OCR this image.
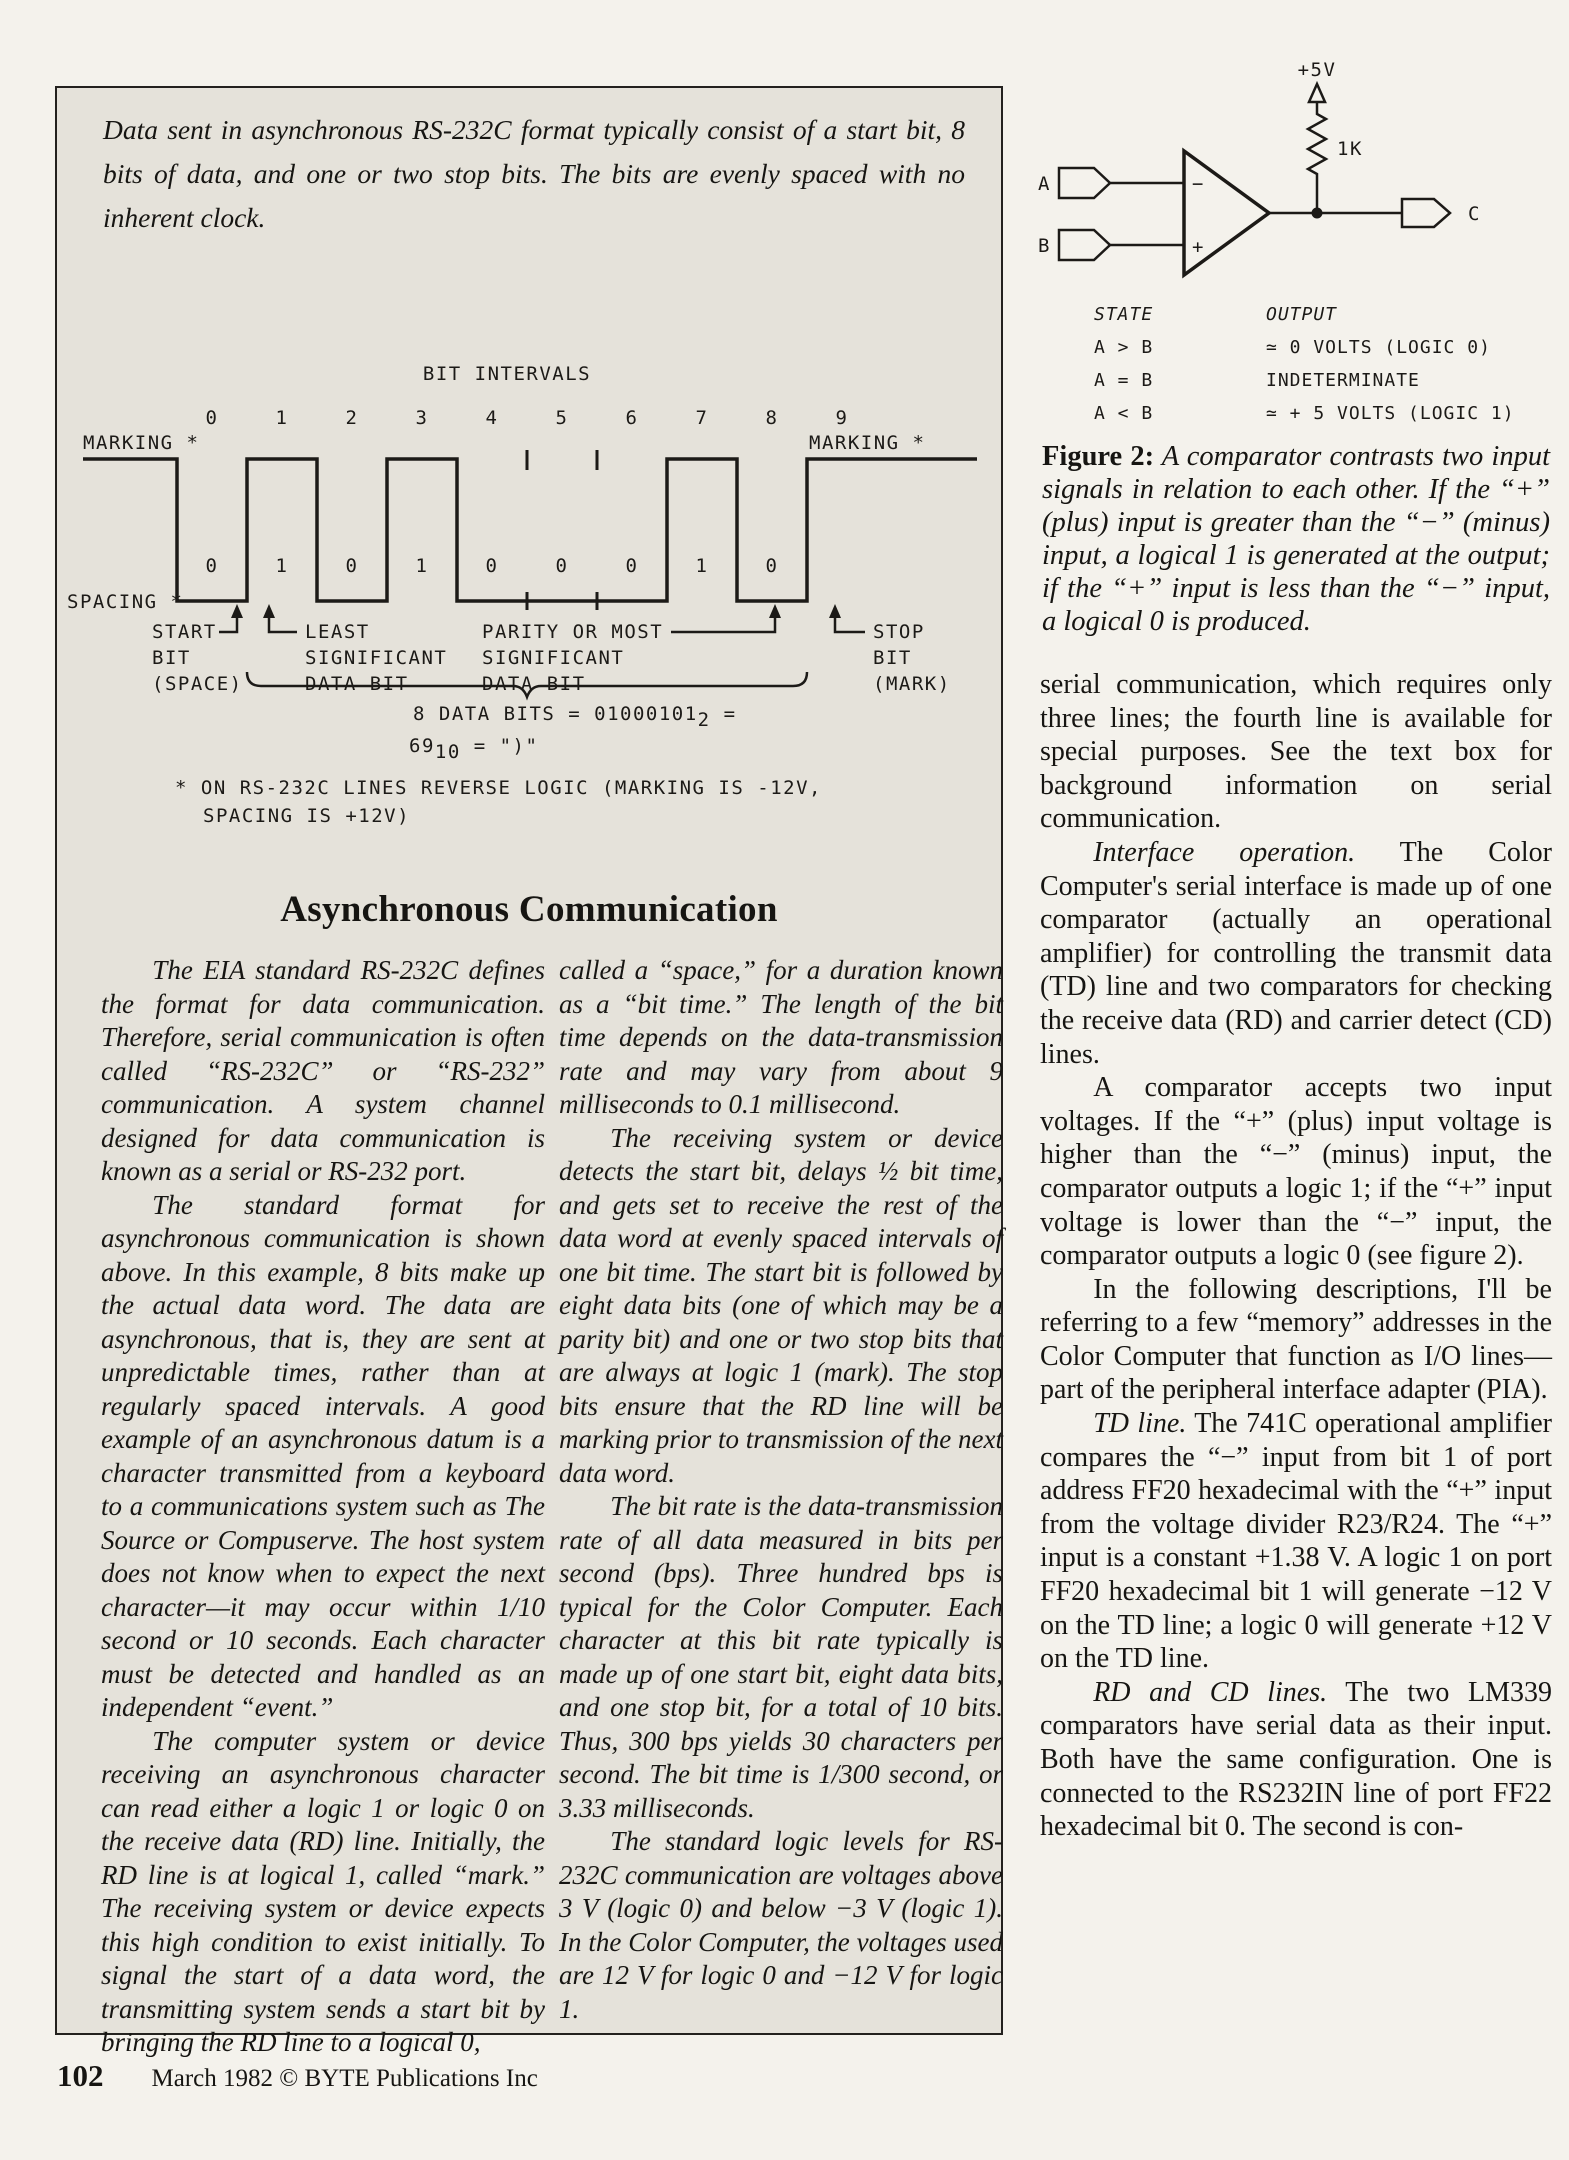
Data sent in asynchronous RS-232C format typically consist of a start bit, 8 bits of data, and one or two stop bits. The bits are evenly spaced with no inherent clock.

BIT INTERVALS
0	1	2	3	4	5	6	7	8	9
MARKING *	MARKING *
SPACING *
0	1	0	1	0	0	0	1	0
START
BIT
(SPACE)
LEAST
SIGNIFICANT
DATA BIT
PARITY OR MOST
SIGNIFICANT
DATA BIT
STOP
BIT
(MARK)
8 DATA BITS = 010001012 =
6910 = ")"
* ON RS-232C LINES REVERSE LOGIC (MARKING IS -12V,
SPACING IS +12V)
Asynchronous Communication

The EIA standard RS-232C defines the format for data communication. Therefore, serial communication is often called “RS-232C” or “RS-232” communication. A system channel designed for data communication is known as a serial or RS-232 port.

The standard format for asynchronous communication is shown above. In this example, 8 bits make up the actual data word. The data are asynchronous, that is, they are sent at unpredictable times, rather than at regularly spaced intervals. A good example of an asynchronous datum is a character transmitted from a keyboard to a communications system such as The Source or Compuserve. The host system does not know when to expect the next character—it may occur within 1/10 second or 10 seconds. Each character must be detected and handled as an independent “event.”

The computer system or device receiving an asynchronous character can read either a logic 1 or logic 0 on the receive data (RD) line. Initially, the RD line is at logical 1, called “mark.” The receiving system or device expects this high condition to exist initially. To signal the start of a data word, the transmitting system sends a start bit by bringing the RD line to a logical 0,

called a “space,” for a duration known as a “bit time.” The length of the bit time depends on the data-transmission rate and may vary from about 9 milliseconds to 0.1 millisecond.

The receiving system or device detects the start bit, delays ½ bit time, and gets set to receive the rest of the data word at evenly spaced intervals of one bit time. The start bit is followed by eight data bits (one of which may be a parity bit) and one or two stop bits that are always at logic 1 (mark). The stop bits ensure that the RD line will be marking prior to transmission of the next data word.

The bit rate is the data-transmission rate of all data measured in bits per second (bps). Three hundred bps is typical for the Color Computer. Each character at this bit rate typically is made up of one start bit, eight data bits, and one stop bit, for a total of 10 bits. Thus, 300 bps yields 30 characters per second. The bit time is 1/300 second, or 3.33 milliseconds.

The standard logic levels for RS-232C communication are voltages above 3 V (logic 0) and below −3 V (logic 1). In the Color Computer, the voltages used are 12 V for logic 0 and −12 V for logic 1.

+5V
1K
A
B
−
+
C
STATE	OUTPUT
A > B	≃ 0 VOLTS (LOGIC 0)
A = B	INDETERMINATE
A < B	≃ + 5 VOLTS (LOGIC 1)

Figure 2: A comparator contrasts two input signals in relation to each other. If the “+” (plus) input is greater than the “−” (minus) input, a logical 1 is generated at the output; if the “+” input is less than the “−” input, a logical 0 is produced.

serial communication, which requires only three lines; the fourth line is available for special purposes. See the text box for background information on serial communication.

Interface operation. The Color Computer's serial interface is made up of one comparator (actually an operational amplifier) for controlling the transmit data (TD) line and two comparators for checking the receive data (RD) and carrier detect (CD) lines.

A comparator accepts two input voltages. If the “+” (plus) input voltage is higher than the “−” (minus) input, the comparator outputs a logic 1; if the “+” input voltage is lower than the “−” input, the comparator outputs a logic 0 (see figure 2).

In the following descriptions, I'll be referring to a few “memory” addresses in the Color Computer that function as I/O lines—part of the peripheral interface adapter (PIA).

TD line. The 741C operational amplifier compares the “−” input from bit 1 of port address FF20 hexadecimal with the “+” input from the voltage divider R23/R24. The “+” input is a constant +1.38 V. A logic 1 on port FF20 hexadecimal bit 1 will generate −12 V on the TD line; a logic 0 will generate +12 V on the TD line.

RD and CD lines. The two LM339 comparators have serial data as their input. Both have the same configuration. One is connected to the RS232IN line of port FF22 hexadecimal bit 0. The second is con-

102 March 1982 © BYTE Publications Inc
